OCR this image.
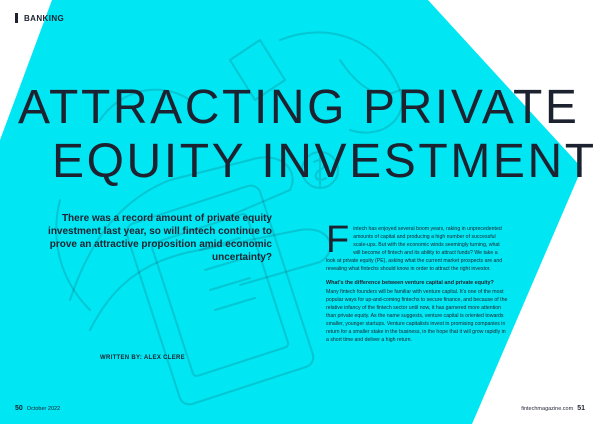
BANKING
ATTRACTING PRIVATE
EQUITY INVESTMENT
There was a record amount of private equity investment last year, so will fintech continue to prove an attractive proposition amid economic uncertainty?
WRITTEN BY: ALEX CLERE

Fintech has enjoyed several boom years, raking in unprecedented amounts of capital and producing a high number of successful scale-ups. But with the economic winds seemingly turning, what will become of fintech and its ability to attract funds? We take a look at private equity (PE), asking what the current market prospects are and revealing what fintechs should know in order to attract the right investor.

What’s the difference between venture capital and private equity?

Many fintech founders will be familiar with venture capital. It’s one of the most popular ways for up-and-coming fintechs to secure finance, and because of the relative infancy of the fintech sector until now, it has garnered more attention than private equity. As the name suggests, venture capital is oriented towards smaller, younger startups. Venture capitalists invest in promising companies in return for a smaller stake in the business, in the hope that it will grow rapidly in a short time and deliver a high return.

50 October 2022	fintechmagazine.com 51
